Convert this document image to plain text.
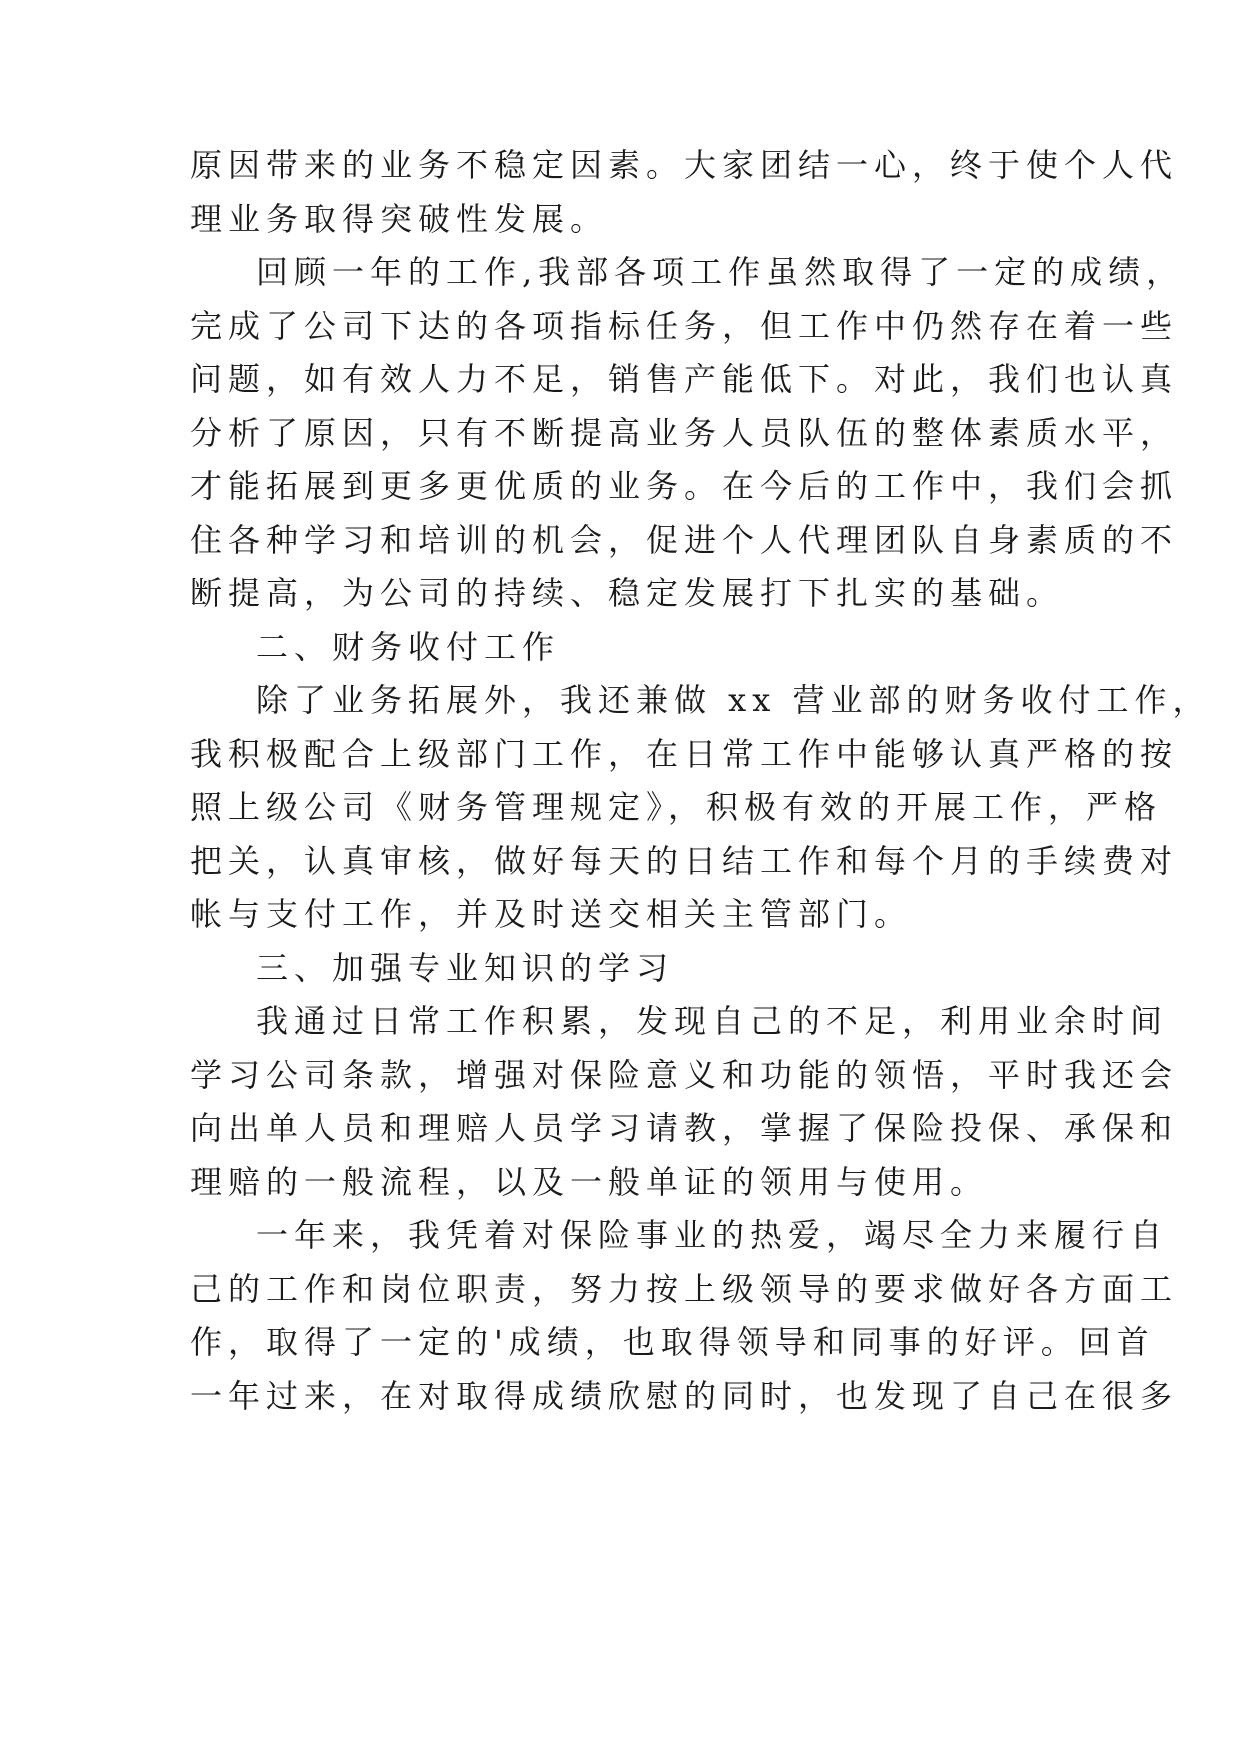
原因带来的业务不稳定因素。大家团结一心，终于使个人代
理业务取得突破性发展。
回顾一年的工作,我部各项工作虽然取得了一定的成绩，
完成了公司下达的各项指标任务，但工作中仍然存在着一些
问题，如有效人力不足，销售产能低下。对此，我们也认真
分析了原因，只有不断提高业务人员队伍的整体素质水平，
才能拓展到更多更优质的业务。在今后的工作中，我们会抓
住各种学习和培训的机会，促进个人代理团队自身素质的不
断提高，为公司的持续、稳定发展打下扎实的基础。
二、财务收付工作
除了业务拓展外，我还兼做 xx 营业部的财务收付工作，
我积极配合上级部门工作，在日常工作中能够认真严格的按
照上级公司《财务管理规定》，积极有效的开展工作，严格
把关，认真审核，做好每天的日结工作和每个月的手续费对
帐与支付工作，并及时送交相关主管部门。
三、加强专业知识的学习
我通过日常工作积累，发现自己的不足，利用业余时间
学习公司条款，增强对保险意义和功能的领悟，平时我还会
向出单人员和理赔人员学习请教，掌握了保险投保、承保和
理赔的一般流程，以及一般单证的领用与使用。
一年来，我凭着对保险事业的热爱，竭尽全力来履行自
己的工作和岗位职责，努力按上级领导的要求做好各方面工
作，取得了一定的'成绩，也取得领导和同事的好评。回首
一年过来，在对取得成绩欣慰的同时，也发现了自己在很多
